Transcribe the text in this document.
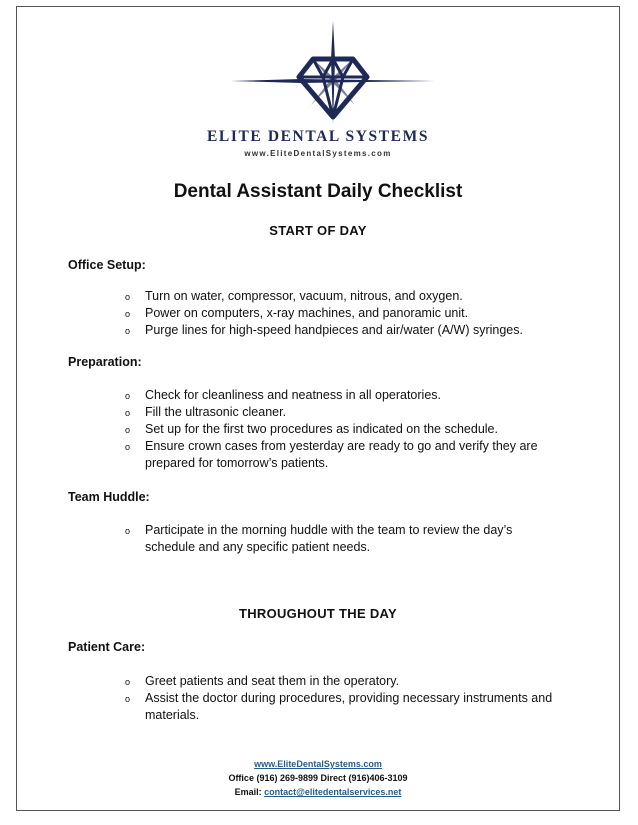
ELITE DENTAL SYSTEMS
www.EliteDentalSystems.com
Dental Assistant Daily Checklist
START OF DAY
Office Setup:
o Turn on water, compressor, vacuum, nitrous, and oxygen.
o Power on computers, x-ray machines, and panoramic unit.
o Purge lines for high-speed handpieces and air/water (A/W) syringes.
Preparation:
o Check for cleanliness and neatness in all operatories.
o Fill the ultrasonic cleaner.
o Set up for the first two procedures as indicated on the schedule.
o Ensure crown cases from yesterday are ready to go and verify they are prepared for tomorrow’s patients.
Team Huddle:
o Participate in the morning huddle with the team to review the day’s schedule and any specific patient needs.
THROUGHOUT THE DAY
Patient Care:
o Greet patients and seat them in the operatory.
o Assist the doctor during procedures, providing necessary instruments and materials.
www.EliteDentalSystems.com
Office (916) 269-9899 Direct (916)406-3109
Email: contact@elitedentalservices.net
